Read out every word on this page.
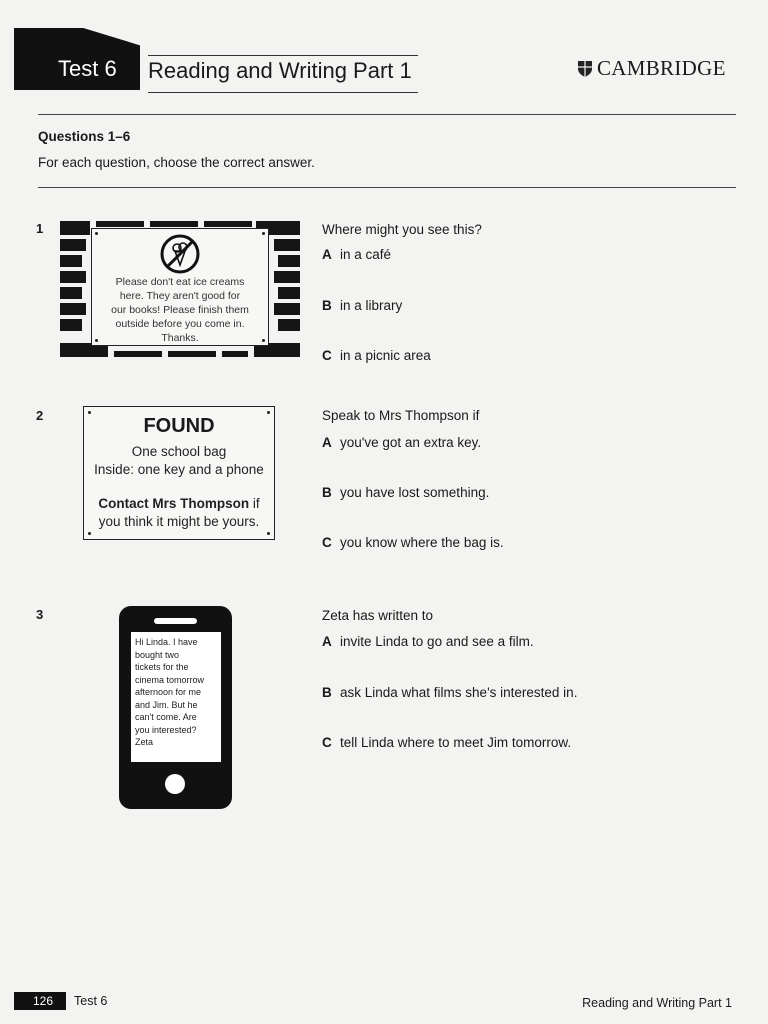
Test 6 Reading and Writing Part 1	CAMBRIDGE
Questions 1–6
For each question, choose the correct answer.
1
Please don't eat ice creams
here. They aren't good for
our books! Please finish them
outside before you come in.
Thanks.
Where might you see this?
A in a café
B in a library
C in a picnic area
2	FOUND
One school bag
Inside: one key and a phone
Contact Mrs Thompson if
you think it might be yours.
Speak to Mrs Thompson if
A you've got an extra key.
B you have lost something.
C you know where the bag is.
3
Hi Linda. I have
bought two
tickets for the
cinema tomorrow
afternoon for me
and Jim. But he
can't come. Are
you interested?
Zeta
Zeta has written to
A invite Linda to go and see a film.
B ask Linda what films she's interested in.
C tell Linda where to meet Jim tomorrow.
126 Test 6	Reading and Writing Part 1
